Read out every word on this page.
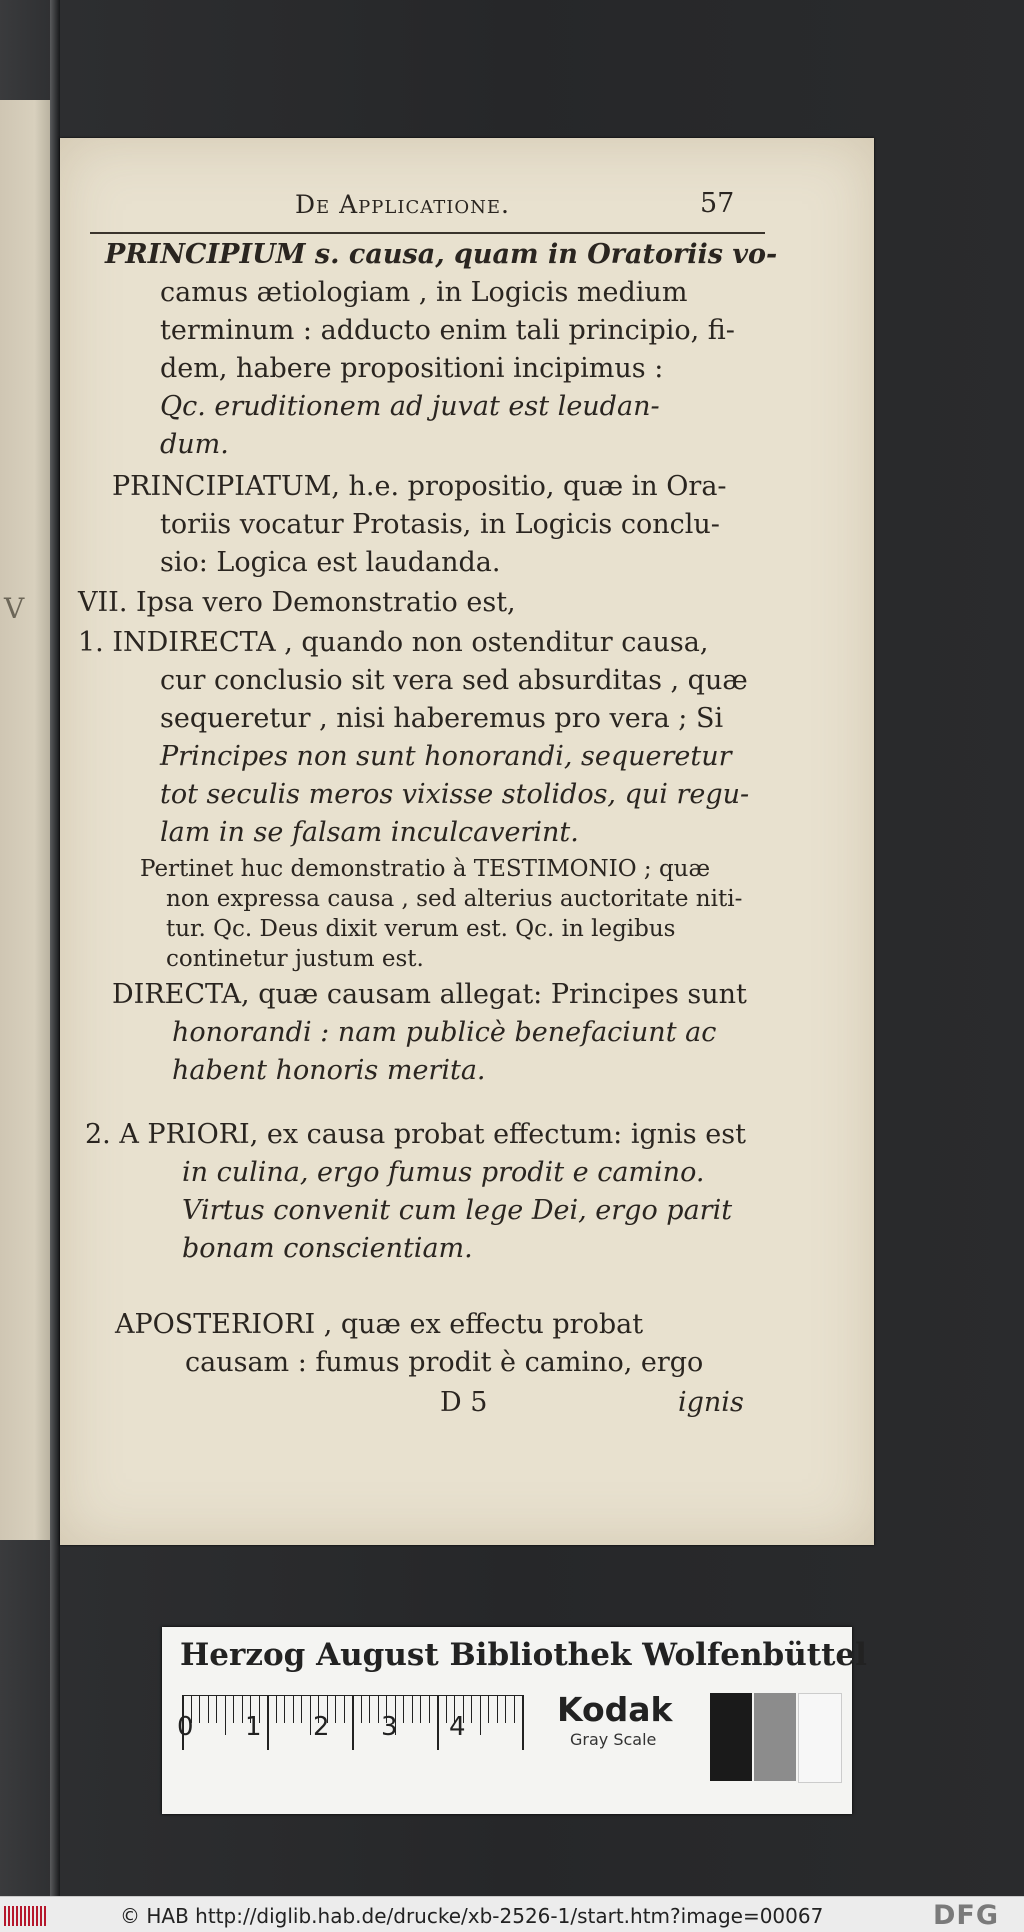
V
De Applicatione.	57
PRINCIPIUM s. causa, quam in Oratoriis vo-
camus ætiologiam , in Logicis medium
terminum : adducto enim tali principio, fi-
dem, habere propositioni incipimus :
Qc. eruditionem ad juvat est leudan-
dum.
PRINCIPIATUM, h.e. propositio, quæ in Ora-
toriis vocatur Protasis, in Logicis conclu-
sio: Logica est laudanda.
VII. Ipsa vero Demonstratio est,
1. INDIRECTA , quando non ostenditur causa,
cur conclusio sit vera sed absurditas , quæ
sequeretur , nisi haberemus pro vera ; Si
Principes non sunt honorandi, sequeretur
tot seculis meros vixisse stolidos, qui regu-
lam in se falsam inculcaverint.
Pertinet huc demonstratio à TESTIMONIO ; quæ
non expressa causa , sed alterius auctoritate niti-
tur. Qc. Deus dixit verum est. Qc. in legibus
continetur justum est.
DIRECTA, quæ causam allegat: Principes sunt
honorandi : nam publicè benefaciunt ac
habent honoris merita.
2. A PRIORI, ex causa probat effectum: ignis est
in culina, ergo fumus prodit e camino.
Virtus convenit cum lege Dei, ergo parit
bonam conscientiam.
APOSTERIORI , quæ ex effectu probat
causam : fumus prodit è camino, ergo
D 5	ignis
Herzog August Bibliothek Wolfenbüttel
0 1 2 3 4	Kodak
Gray Scale
© HAB http://diglib.hab.de/drucke/xb-2526-1/start.htm?image=00067	DFG
